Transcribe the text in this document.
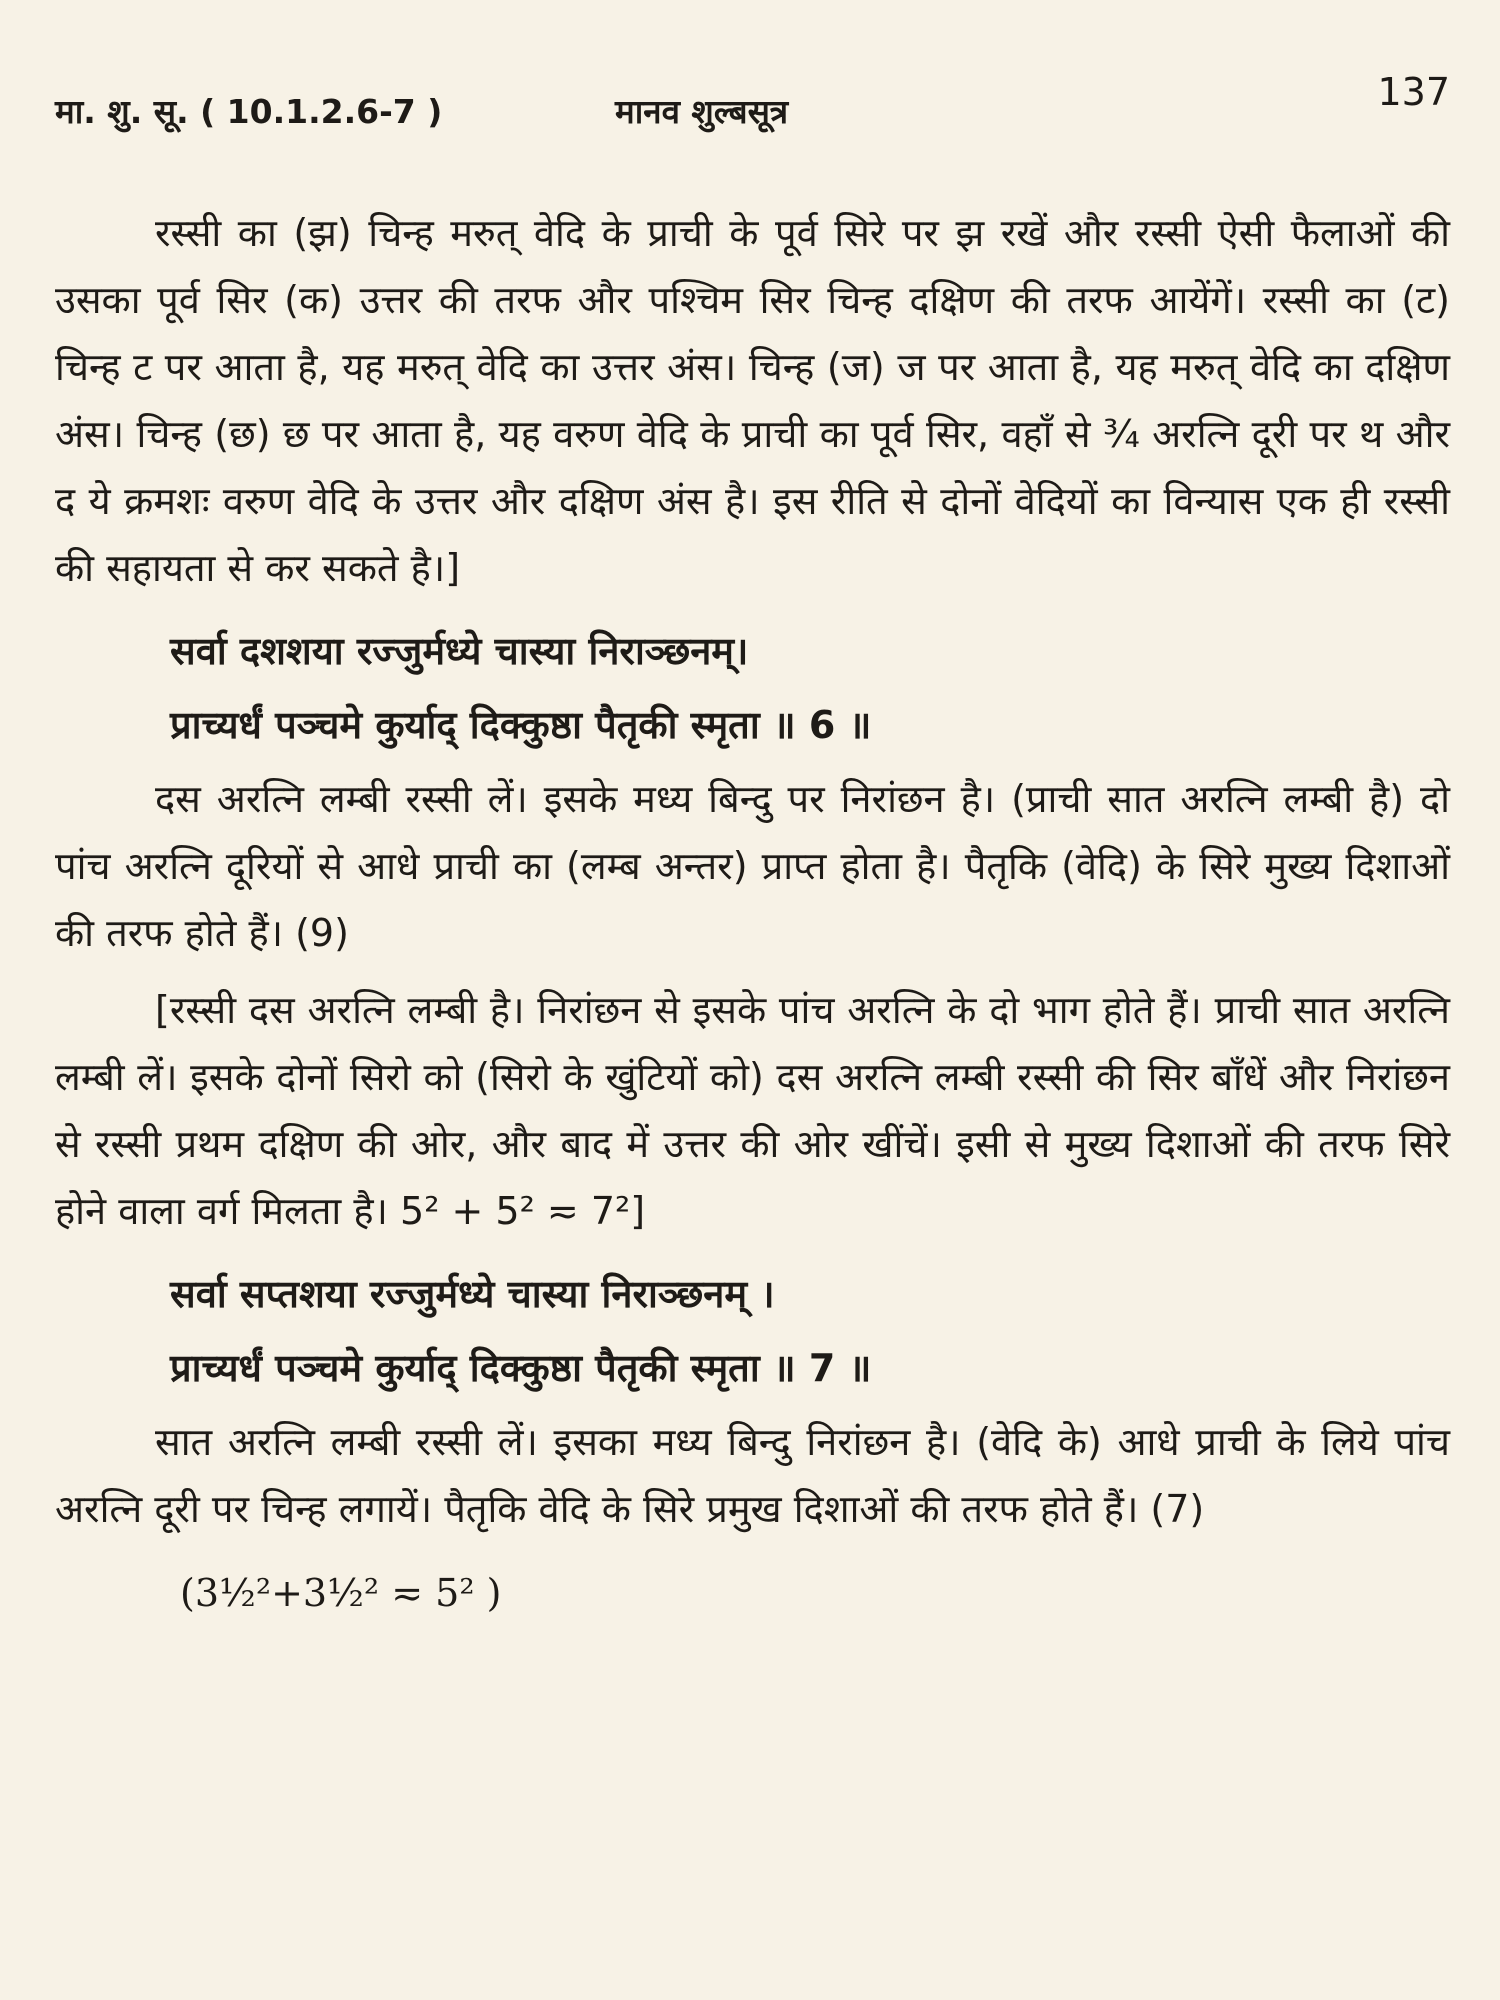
मा. शु. सू. ( 10.1.2.6-7 )	मानव शुल्बसूत्र	137

रस्सी का (झ) चिन्ह मरुत् वेदि के प्राची के पूर्व सिरे पर झ रखें और रस्सी ऐसी फैलाओं की उसका पूर्व सिर (क) उत्तर की तरफ और पश्चिम सिर चिन्ह दक्षिण की तरफ आयेंगें। रस्सी का (ट) चिन्ह ट पर आता है, यह मरुत् वेदि का उत्तर अंस। चिन्ह (ज) ज पर आता है, यह मरुत् वेदि का दक्षिण अंस। चिन्ह (छ) छ पर आता है, यह वरुण वेदि के प्राची का पूर्व सिर, वहाँ से ¾ अरत्नि दूरी पर थ और द ये क्रमशः वरुण वेदि के उत्तर और दक्षिण अंस है। इस रीति से दोनों वेदियों का विन्यास एक ही रस्सी की सहायता से कर सकते है।]

सर्वा दशशया रज्जुर्मध्ये चास्या निराञ्छनम्।

प्राच्यर्धं पञ्चमे कुर्याद् दिक्कुष्ठा पैतृकी स्मृता ॥ 6 ॥

दस अरत्नि लम्बी रस्सी लें। इसके मध्य बिन्दु पर निरांछन है। (प्राची सात अरत्नि लम्बी है) दो पांच अरत्नि दूरियों से आधे प्राची का (लम्ब अन्तर) प्राप्त होता है। पैतृकि (वेदि) के सिरे मुख्य दिशाओं की तरफ होते हैं। (9)

[रस्सी दस अरत्नि लम्बी है। निरांछन से इसके पांच अरत्नि के दो भाग होते हैं। प्राची सात अरत्नि लम्बी लें। इसके दोनों सिरो को (सिरो के खुंटियों को) दस अरत्नि लम्बी रस्सी की सिर बाँधें और निरांछन से रस्सी प्रथम दक्षिण की ओर, और बाद में उत्तर की ओर खींचें। इसी से मुख्य दिशाओं की तरफ सिरे होने वाला वर्ग मिलता है। 5² + 5² ≂ 7²]

सर्वा सप्तशया रज्जुर्मध्ये चास्या निराञ्छनम् ।

प्राच्यर्धं पञ्चमे कुर्याद् दिक्कुष्ठा पैतृकी स्मृता ॥ 7 ॥

सात अरत्नि लम्बी रस्सी लें। इसका मध्य बिन्दु निरांछन है। (वेदि के) आधे प्राची के लिये पांच अरत्नि दूरी पर चिन्ह लगायें। पैतृकि वेदि के सिरे प्रमुख दिशाओं की तरफ होते हैं। (7)

(3½²+3½² ≂ 5² )
